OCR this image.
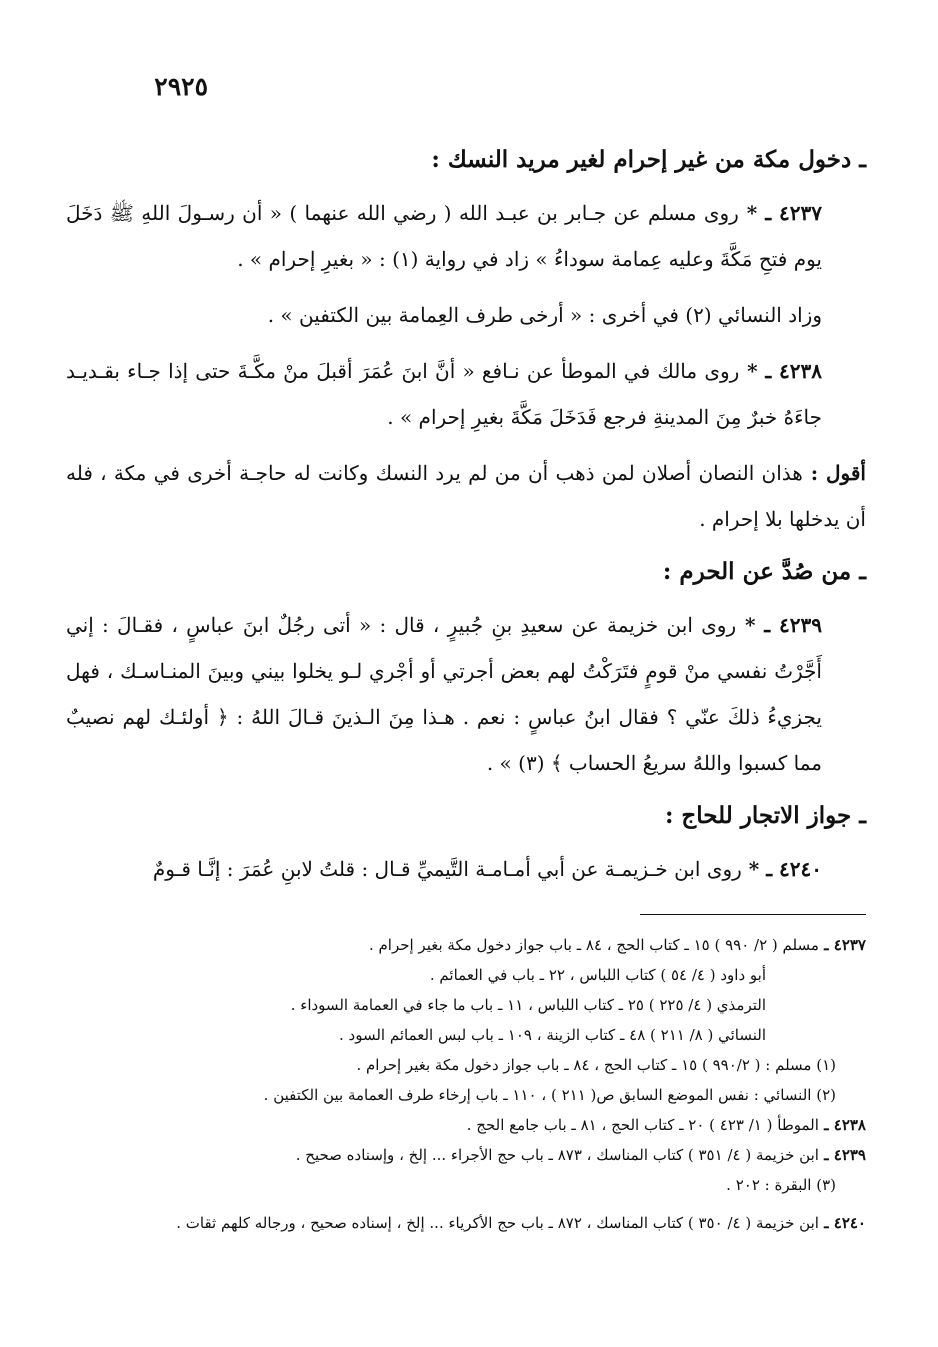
٢٩٢٥
ـ دخول مكة من غير إحرام لغير مريد النسك :

٤٢٣٧ ـ * روى مسلم عن جـابر بن عبـد الله ( رضي الله عنهما ) « أن رسـولَ اللهِ ﷺ دَخَلَ يوم فتحِ مَكَّةَ وعليه عِمامة سوداءُ » زاد في رواية (١) : « بغيرِ إحرام » .

وزاد النسائي (٢) في أخرى : « أرخى طرف العِمامة بين الكتفين » .

٤٢٣٨ ـ * روى مالك في الموطأ عن نـافع « أنَّ ابنَ عُمَرَ أقبلَ منْ مكَّـةَ حتى إذا جـاء بقـديـد جاءَهُ خبرٌ مِنَ المدينةِ فرجع فَدَخَلَ مَكَّةَ بغيرِ إحرام » .

أقول : هذان النصان أصلان لمن ذهب أن من لم يرد النسك وكانت له حاجـة أخرى في مكة ، فله أن يدخلها بلا إحرام .

ـ من صُدَّ عن الحرم :

٤٢٣٩ ـ * روى ابن خزيمة عن سعيدِ بنِ جُبيرٍ ، قال : « أتى رجُلٌ ابنَ عباسٍ ، فقـالَ : إني أَجَّرْتُ نفسي منْ قومٍ فتَرَكْتُ لهم بعض أجرتي أو أجْري لـو يخلوا بيني وبينَ المنـاسـك ، فهل يجزيءُ ذلكَ عنّي ؟ فقال ابنُ عباسٍ : نعم . هـذا مِنَ الـذينَ قـالَ اللهُ : ﴿ أولئـك لهم نصيبٌ مما كسبوا واللهُ سريعُ الحساب ﴾ (٣) » .

ـ جواز الاتجار للحاج :

٤٢٤٠ ـ * روى ابن خـزيمـة عن أبي أمـامـة التَّيميِّ قـال : قلتُ لابنِ عُمَرَ : إنَّـا قـومٌ

٤٢٣٧ ـ مسلم ( ٢/ ٩٩٠ ) ١٥ ـ كتاب الحج ، ٨٤ ـ باب جواز دخول مكة بغير إحرام .

أبو داود ( ٤/ ٥٤ ) كتاب اللباس ، ٢٢ ـ باب في العمائم .

الترمذي ( ٤/ ٢٢٥ ) ٢٥ ـ كتاب اللباس ، ١١ ـ باب ما جاء في العمامة السوداء .

النسائي ( ٨/ ٢١١ ) ٤٨ ـ كتاب الزينة ، ١٠٩ ـ باب لبس العمائم السود .

(١) مسلم : ( ٩٩٠/٢ ) ١٥ ـ كتاب الحج ، ٨٤ ـ باب جواز دخول مكة بغير إحرام .

(٢) النسائي : نفس الموضع السابق ص( ٢١١ ) ، ١١٠ ـ باب إرخاء طرف العمامة بين الكتفين .

٤٢٣٨ ـ الموطأ ( ١/ ٤٢٣ ) ٢٠ ـ كتاب الحج ، ٨١ ـ باب جامع الحج .

٤٢٣٩ ـ ابن خزيمة ( ٤/ ٣٥١ ) كتاب المناسك ، ٨٧٣ ـ باب حج الأجراء ... إلخ ، وإسناده صحيح .

(٣) البقرة : ٢٠٢ .

٤٢٤٠ ـ ابن خزيمة ( ٤/ ٣٥٠ ) كتاب المناسك ، ٨٧٢ ـ باب حج الأكرياء ... إلخ ، إسناده صحيح ، ورجاله كلهم ثقات .
